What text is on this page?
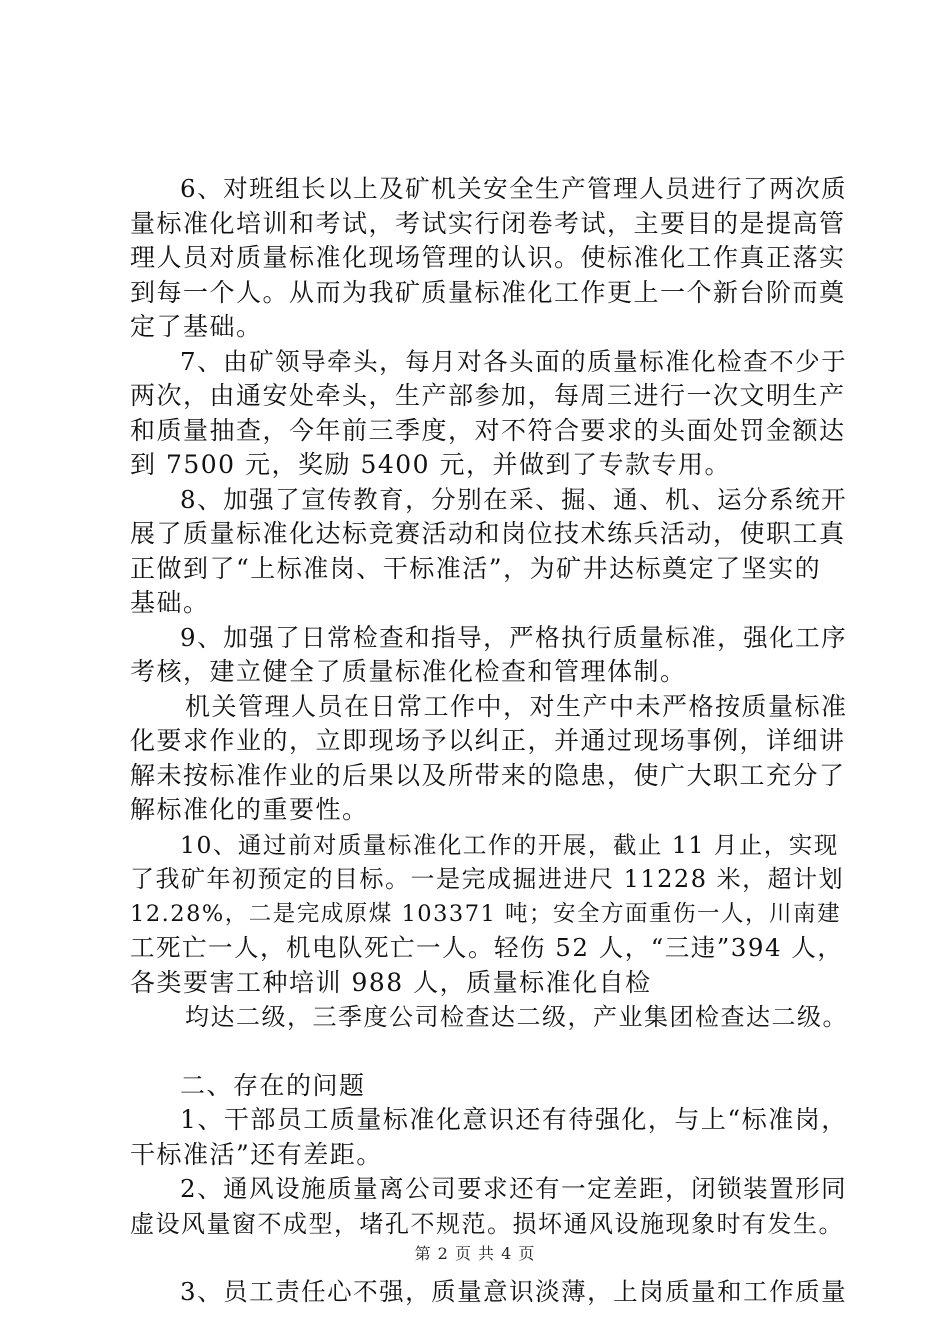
6、对班组长以上及矿机关安全生产管理人员进行了两次质
量标准化培训和考试，考试实行闭卷考试，主要目的是提高管
理人员对质量标准化现场管理的认识。使标准化工作真正落实
到每一个人。从而为我矿质量标准化工作更上一个新台阶而奠
定了基础。
7、由矿领导牵头，每月对各头面的质量标准化检查不少于
两次，由通安处牵头，生产部参加，每周三进行一次文明生产
和质量抽查，今年前三季度，对不符合要求的头面处罚金额达
到 7500 元，奖励 5400 元，并做到了专款专用。
8、加强了宣传教育，分别在采、掘、通、机、运分系统开
展了质量标准化达标竞赛活动和岗位技术练兵活动，使职工真
正做到了“上标准岗、干标准活”，为矿井达标奠定了坚实的
基础。
9、加强了日常检查和指导，严格执行质量标准，强化工序
考核，建立健全了质量标准化检查和管理体制。
机关管理人员在日常工作中，对生产中未严格按质量标准
化要求作业的，立即现场予以纠正，并通过现场事例，详细讲
解未按标准作业的后果以及所带来的隐患，使广大职工充分了
解标准化的重要性。
10、通过前对质量标准化工作的开展，截止 11 月止，实现
了我矿年初预定的目标。一是完成掘进进尺 11228 米，超计划
12.28%，二是完成原煤 103371 吨；安全方面重伤一人，川南建
工死亡一人，机电队死亡一人。轻伤 52 人，“三违”394 人，
各类要害工种培训 988 人，质量标准化自检
均达二级，三季度公司检查达二级，产业集团检查达二级。
二、存在的问题
1、干部员工质量标准化意识还有待强化，与上“标准岗，
干标准活”还有差距。
2、通风设施质量离公司要求还有一定差距，闭锁装置形同
虚设风量窗不成型，堵孔不规范。损坏通风设施现象时有发生。
3、员工责任心不强，质量意识淡薄，上岗质量和工作质量
第 2 页 共 4 页
